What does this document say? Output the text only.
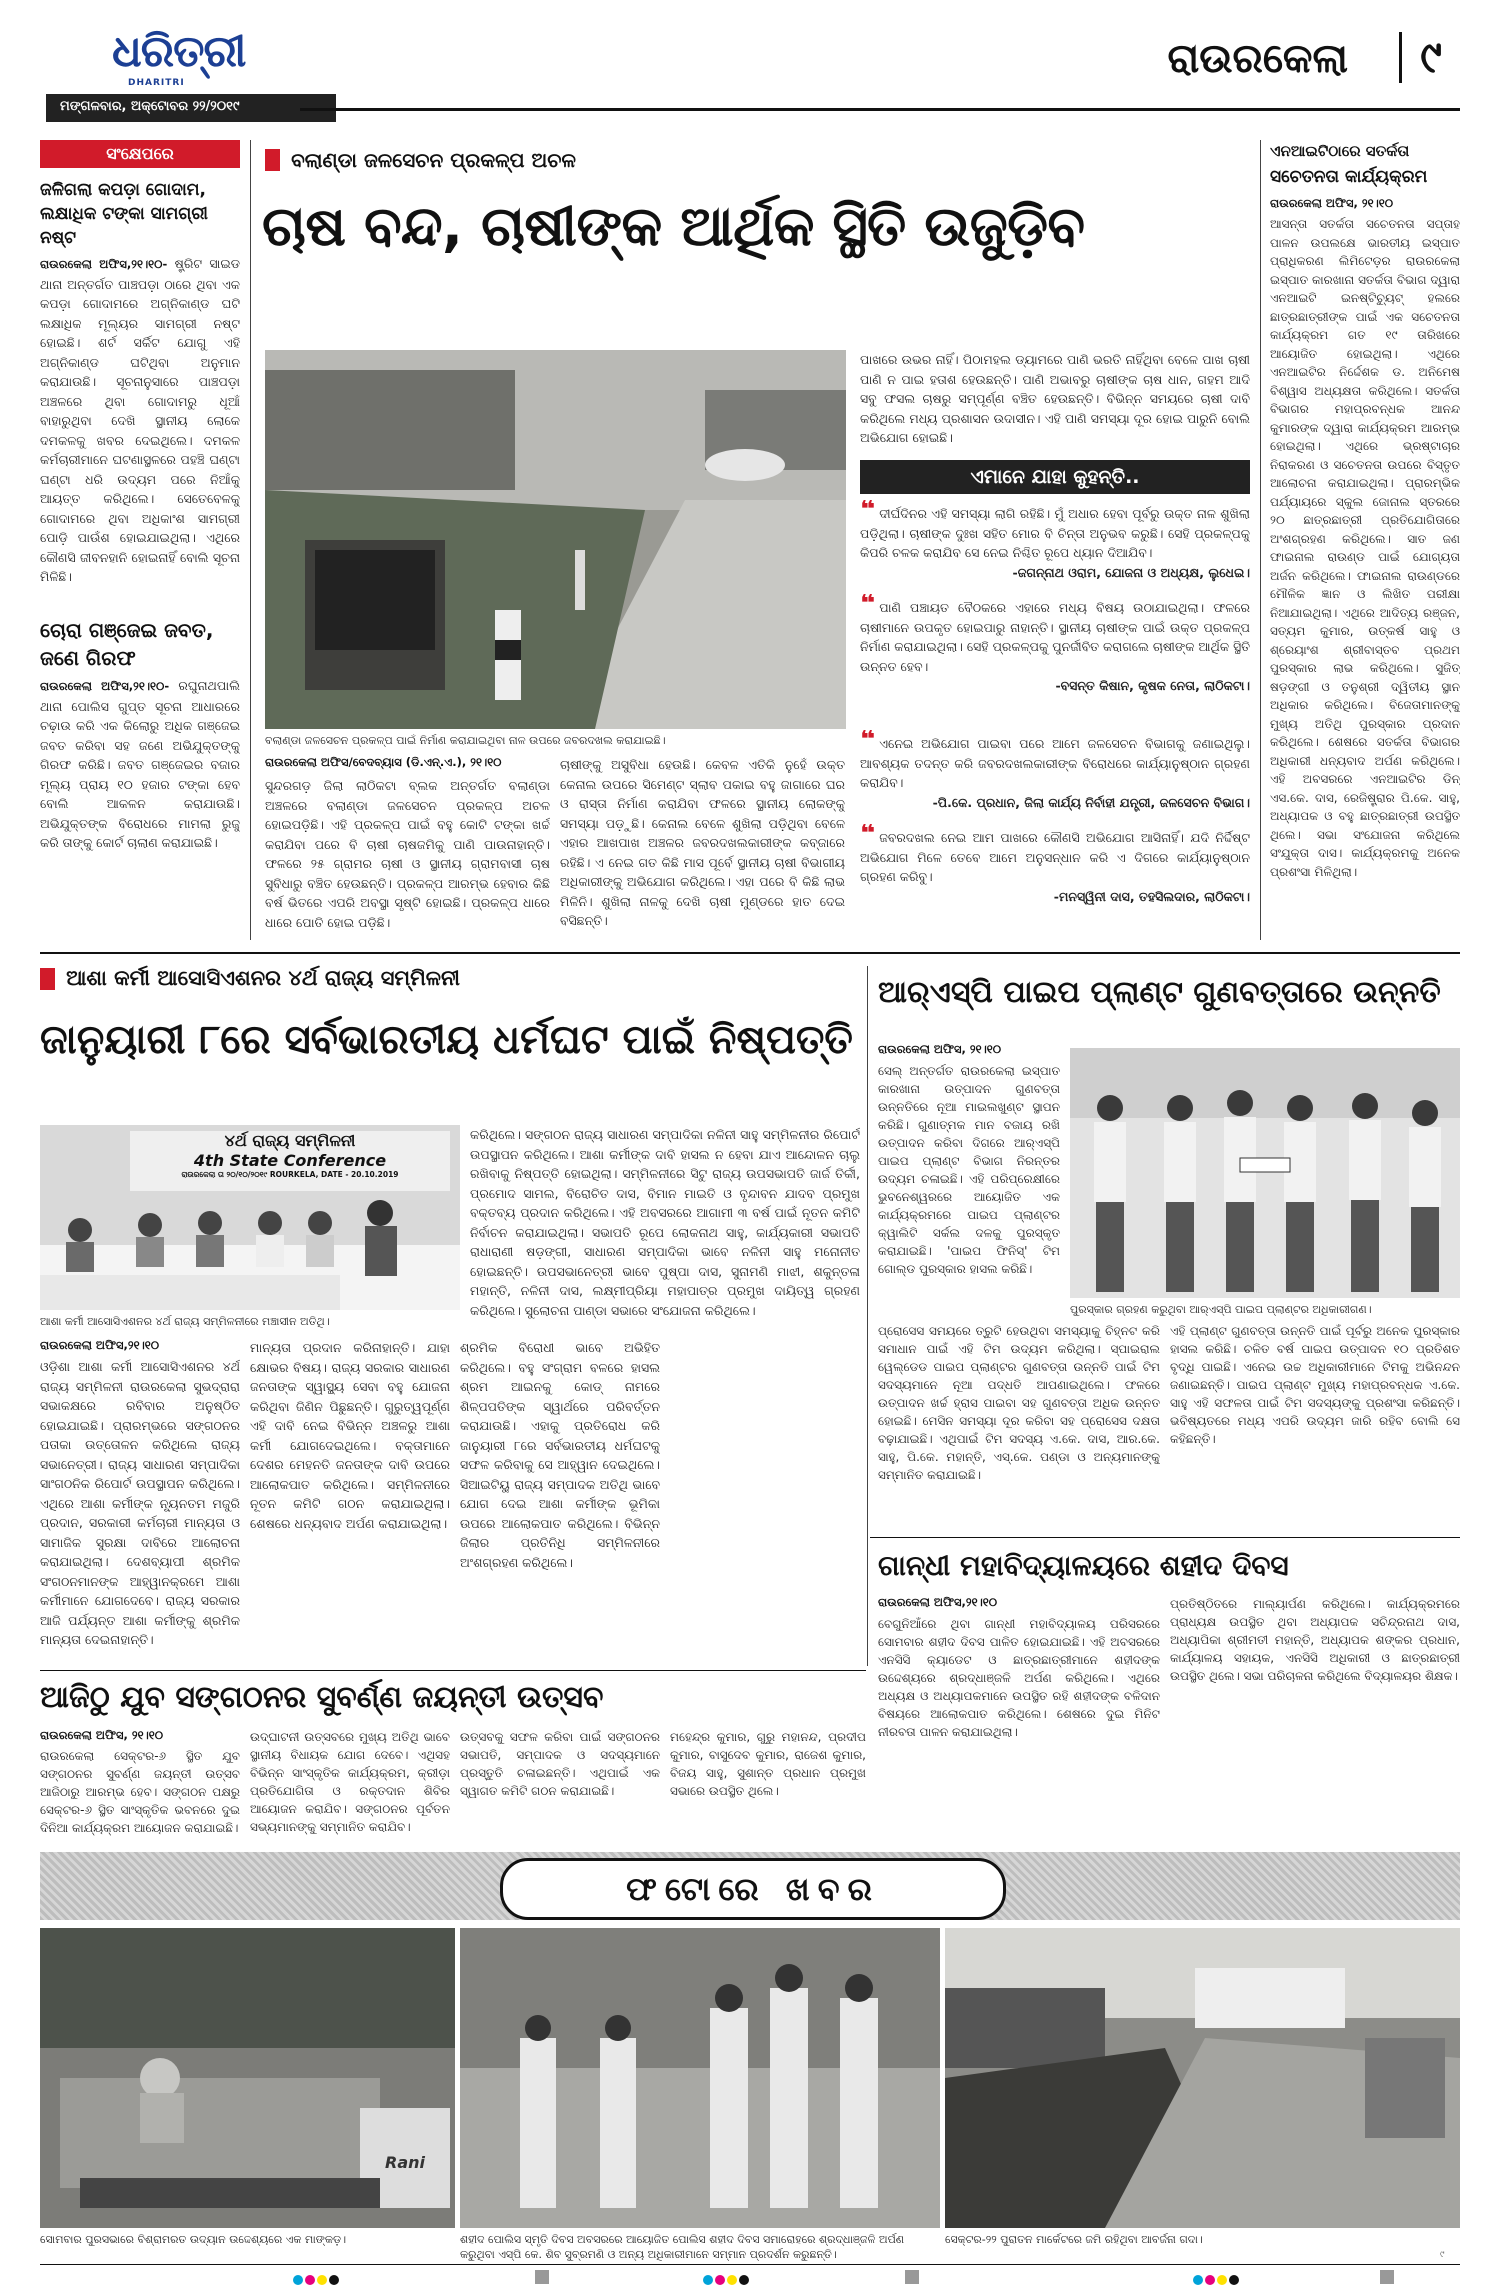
ଧରିତ୍ରୀ
DHARITRI
ମଙ୍ଗଳବାର, ଅକ୍ଟୋବର ୨୨/୨୦୧୯
ରାଉରକେଲା	୯
ସଂକ୍ଷେପରେ
ଜଳିଗଲା କପଡ଼ା ଗୋଦାମ, ଲକ୍ଷାଧିକ ଟଙ୍କା ସାମଗ୍ରୀ ନଷ୍ଟ
ରାଉରକେଲା ଅଫିସ,୨୧।୧୦- ଷ୍ଟ୍ରିଟ ସାଇଡ ଥାନା ଅନ୍ତର୍ଗତ ପାଞ୍ଚପଡ଼ା ଠାରେ ଥିବା ଏକ କପଡ଼ା ଗୋଦାମରେ ଅଗ୍ନିକାଣ୍ଡ ଘଟି ଲକ୍ଷାଧିକ ମୂଲ୍ୟର ସାମଗ୍ରୀ ନଷ୍ଟ ହୋଇଛି। ଶର୍ଟ ସର୍କିଟ ଯୋଗୁ ଏହି ଅଗ୍ନିକାଣ୍ଡ ଘଟିଥିବା ଅନୁମାନ କରାଯାଉଛି। ସୂଚନାନୁସାରେ ପାଞ୍ଚପଡ଼ା ଅଞ୍ଚଳରେ ଥିବା ଗୋଦାମରୁ ଧୂଆଁ ବାହାରୁଥିବା ଦେଖି ସ୍ଥାନୀୟ ଲୋକେ ଦମକଳକୁ ଖବର ଦେଇଥିଲେ। ଦମକଳ କର୍ମଚାରୀମାନେ ଘଟଣାସ୍ଥଳରେ ପହଞ୍ଚି ଘଣ୍ଟା ଘଣ୍ଟା ଧରି ଉଦ୍ୟମ ପରେ ନିଆଁକୁ ଆୟତ୍ତ କରିଥିଲେ। ସେତେବେଳକୁ ଗୋଦାମରେ ଥିବା ଅଧିକାଂଶ ସାମଗ୍ରୀ ପୋଡ଼ି ପାଉଁଶ ହୋଇଯାଇଥିଲା। ଏଥିରେ କୌଣସି ଜୀବନହାନି ହୋଇନାହିଁ ବୋଲି ସୂଚନା ମିଳିଛି।
ଚୋରା ଗଞ୍ଜେଇ ଜବତ, ଜଣେ ଗିରଫ
ରାଉରକେଲା ଅଫିସ,୨୧।୧୦- ରଘୁନାଥପାଲି ଥାନା ପୋଲିସ ଗୁପ୍ତ ସୂଚନା ଆଧାରରେ ଚଢ଼ାଉ କରି ଏକ କିଲୋରୁ ଅଧିକ ଗଞ୍ଜେଇ ଜବତ କରିବା ସହ ଜଣେ ଅଭିଯୁକ୍ତଙ୍କୁ ଗିରଫ କରିଛି। ଜବତ ଗଞ୍ଜେଇର ବଜାର ମୂଲ୍ୟ ପ୍ରାୟ ୧୦ ହଜାର ଟଙ୍କା ହେବ ବୋଲି ଆକଳନ କରାଯାଉଛି। ଅଭିଯୁକ୍ତଙ୍କ ବିରୋଧରେ ମାମଲା ରୁଜୁ କରି ତାଙ୍କୁ କୋର୍ଟ ଚାଲାଣ କରାଯାଇଛି।
ବଲାଣ୍ଡା ଜଳସେଚନ ପ୍ରକଳ୍ପ ଅଚଳ
ଚାଷ ବନ୍ଦ, ଚାଷୀଙ୍କ ଆର୍ଥିକ ସ୍ଥିତି ଉଜୁଡ଼ିବ
ବଲାଣ୍ଡା ଜଳସେଚନ ପ୍ରକଳ୍ପ ପାଇଁ ନିର୍ମାଣ କରାଯାଇଥିବା ନାଳ ଉପରେ ଜବରଦଖଲ କରାଯାଇଛି।
ରାଉରକେଲା ଅଫିସ/ବେଦବ୍ୟାସ (ଡି.ଏନ୍.ଏ.), ୨୧।୧୦
ସୁନ୍ଦରଗଡ଼ ଜିଲା ଲାଠିକଟା ବ୍ଲକ ଅନ୍ତର୍ଗତ ବଲାଣ୍ଡା ଅଞ୍ଚଳରେ ବଲାଣ୍ଡା ଜଳସେଚନ ପ୍ରକଳ୍ପ ଅଚଳ ହୋଇପଡ଼ିଛି। ଏହି ପ୍ରକଳ୍ପ ପାଇଁ ବହୁ କୋଟି ଟଙ୍କା ଖର୍ଚ୍ଚ କରାଯିବା ପରେ ବି ଚାଷୀ ଚାଷଜମିକୁ ପାଣି ପାଉନାହାନ୍ତି। ଫଳରେ ୨୫ ଗ୍ରାମର ଚାଷୀ ଓ ସ୍ଥାନୀୟ ଗ୍ରାମବାସୀ ଚାଷ ସୁବିଧାରୁ ବଞ୍ଚିତ ହେଉଛନ୍ତି। ପ୍ରକଳ୍ପ ଆରମ୍ଭ ହେବାର କିଛି ବର୍ଷ ଭିତରେ ଏପରି ଅବସ୍ଥା ସୃଷ୍ଟି ହୋଇଛି। ପ୍ରକଳ୍ପ ଧାରେ ଧାରେ ପୋତି ହୋଇ ପଡ଼ିଛି।
ଚାଷୀଙ୍କୁ ଅସୁବିଧା ହେଉଛି। କେବଳ ଏତିକି ନୁହେଁ ଉକ୍ତ କେନାଲ ଉପରେ ସିମେଣ୍ଟ ସ୍ଲାବ ପକାଇ ବହୁ ଜାଗାରେ ଘର ଓ ରାସ୍ତା ନିର୍ମାଣ କରାଯିବା ଫଳରେ ସ୍ଥାନୀୟ ଲୋକଙ୍କୁ ସମସ୍ୟା ପଡ଼ୁଛି। କେନାଲ ବେଳେ ଶୁଖିଲା ପଡ଼ିଥିବା ବେଳେ ଏହାର ଆଖପାଖ ଅଞ୍ଚଳର ଜବରଦଖଲକାରୀଙ୍କ କବ୍ଜାରେ ରହିଛି। ଏ ନେଇ ଗତ କିଛି ମାସ ପୂର୍ବେ ସ୍ଥାନୀୟ ଚାଷୀ ବିଭାଗୀୟ ଅଧିକାରୀଙ୍କୁ ଅଭିଯୋଗ କରିଥିଲେ। ଏହା ପରେ ବି କିଛି ଲାଭ ମିଳିନି। ଶୁଖିଲା ନାଳକୁ ଦେଖି ଚାଷୀ ମୁଣ୍ଡରେ ହାତ ଦେଇ ବସିଛନ୍ତି।
ପାଖରେ ଉଭର ନାହିଁ। ପିଠାମହଲ ଡ୍ୟାମରେ ପାଣି ଭରତି ନାହିଁଥିବା ବେଳେ ପାଖ ଚାଷୀ ପାଣି ନ ପାଇ ହତାଶ ହେଉଛନ୍ତି। ପାଣି ଅଭାବରୁ ଚାଷୀଙ୍କ ଚାଷ ଧାନ, ଗହମ ଆଦି ସବୁ ଫସଲ ଚାଷରୁ ସମ୍ପୂର୍ଣ୍ଣ ବଞ୍ଚିତ ହେଉଛନ୍ତି। ବିଭିନ୍ନ ସମୟରେ ଚାଷୀ ଦାବି କରିଥିଲେ ମଧ୍ୟ ପ୍ରଶାସନ ଉଦାସୀନ। ଏହି ପାଣି ସମସ୍ୟା ଦୂର ହୋଇ ପାରୁନି ବୋଲି ଅଭିଯୋଗ ହୋଇଛି।
ଏମାନେ ଯାହା କୁହନ୍ତି..
❝ ଦୀର୍ଘଦିନର ଏହି ସମସ୍ୟା ଲାଗି ରହିଛି। ମୁଁ ଅଧାର ହେବା ପୂର୍ବରୁ ଉକ୍ତ ନାଳ ଶୁଖିଲା ପଡ଼ିଥିଲା। ଚାଷୀଙ୍କ ଦୁଃଖ ସହିତ ମୋର ବି ଚିନ୍ତା ଅନୁଭବ କରୁଛି। ସେହି ପ୍ରକଳ୍ପକୁ କିପରି ଚଳକ କରାଯିବ ସେ ନେଇ ନିଶ୍ଚିତ ରୂପେ ଧ୍ୟାନ ଦିଆଯିବ।
-ଜଗନ୍ନାଥ ଓରାମ, ଯୋଜନା ଓ ଅଧ୍ୟକ୍ଷ, ଲୁଧେଇ।
❝ ପାଣି ପଞ୍ଚାୟତ ବୈଠକରେ ଏହାରେ ମଧ୍ୟ ବିଷୟ ଉଠାଯାଇଥିଲା। ଫଳରେ ଚାଷୀମାନେ ଉପକୃତ ହୋଇପାରୁ ନାହାନ୍ତି। ସ୍ଥାନୀୟ ଚାଷୀଙ୍କ ପାଇଁ ଉକ୍ତ ପ୍ରକଳ୍ପ ନିର୍ମାଣ କରାଯାଇଥିଲା। ସେହି ପ୍ରକଳ୍ପକୁ ପୁନର୍ଜୀବିତ କରାଗଲେ ଚାଷୀଙ୍କ ଆର୍ଥିକ ସ୍ଥିତି ଉନ୍ନତ ହେବ।
-ବସନ୍ତ କିଷାନ, କୃଷକ ନେତା, ଲାଠିକଟା।
❝ ଏନେଇ ଅଭିଯୋଗ ପାଇବା ପରେ ଆମେ ଜଳସେଚନ ବିଭାଗକୁ ଜଣାଇଥିଲୁ। ଆବଶ୍ୟକ ତଦନ୍ତ କରି ଜବରଦଖଲକାରୀଙ୍କ ବିରୋଧରେ କାର୍ଯ୍ୟାନୁଷ୍ଠାନ ଗ୍ରହଣ କରାଯିବ।
-ପି.କେ. ପ୍ରଧାନ, ଜିଲା କାର୍ଯ୍ୟ ନିର୍ବାହୀ ଯନ୍ତ୍ରୀ, ଜଳସେଚନ ବିଭାଗ।
❝ ଜବରଦଖଲ ନେଇ ଆମ ପାଖରେ କୌଣସି ଅଭିଯୋଗ ଆସିନାହିଁ। ଯଦି ନିର୍ଦ୍ଦିଷ୍ଟ ଅଭିଯୋଗ ମିଳେ ତେବେ ଆମେ ଅନୁସନ୍ଧାନ କରି ଏ ଦିଗରେ କାର୍ଯ୍ୟାନୁଷ୍ଠାନ ଗ୍ରହଣ କରିବୁ।
-ମନସ୍ୱିନୀ ଦାସ, ତହସିଲଦାର, ଲାଠିକଟା।
ଏନଆଇଟିଠାରେ ସତର୍କତା
ସଚେତନତା କାର୍ଯ୍ୟକ୍ରମ
ରାଉରକେଲା ଅଫିସ, ୨୧।୧୦
ଆସନ୍ତା ସତର୍କତା ସଚେତନତା ସପ୍ତାହ ପାଳନ ଉପଲକ୍ଷେ ଭାରତୀୟ ଇସ୍ପାତ ପ୍ରାଧିକରଣ ଲିମିଟେଡ଼ର ରାଉରକେଲା ଇସ୍ପାତ କାରଖାନା ସତର୍କତା ବିଭାଗ ଦ୍ୱାରା ଏନଆଇଟି ଇନଷ୍ଟିଚ୍ୟୁଟ୍ ହଲରେ ଛାତ୍ରଛାତ୍ରୀଙ୍କ ପାଇଁ ଏକ ସଚେତନତା କାର୍ଯ୍ୟକ୍ରମ ଗତ ୧୯ ତାରିଖରେ ଆୟୋଜିତ ହୋଇଥିଲା। ଏଥିରେ ଏନଆଇଟିର ନିର୍ଦ୍ଦେଶକ ଡ. ଅନିମେଷ ବିଶ୍ୱାସ ଅଧ୍ୟକ୍ଷତା କରିଥିଲେ। ସତର୍କତା ବିଭାଗର ମହାପ୍ରବନ୍ଧକ ଆନନ୍ଦ କୁମାରଙ୍କ ଦ୍ୱାରା କାର୍ଯ୍ୟକ୍ରମ ଆରମ୍ଭ ହୋଇଥିଲା। ଏଥିରେ ଭ୍ରଷ୍ଟାଚାର ନିରାକରଣ ଓ ସଚେତନତା ଉପରେ ବିସ୍ତୃତ ଆଲୋଚନା କରାଯାଇଥିଲା। ପ୍ରାରମ୍ଭିକ ପର୍ଯ୍ୟାୟରେ ସ୍କୁଲ ଜୋନାଲ ସ୍ତରରେ ୨୦ ଛାତ୍ରଛାତ୍ରୀ ପ୍ରତିଯୋଗିତାରେ ଅଂଶଗ୍ରହଣ କରିଥିଲେ। ସାତ ଜଣ ଫାଇନାଲ ରାଉଣ୍ଡ ପାଇଁ ଯୋଗ୍ୟତା ଅର୍ଜନ କରିଥିଲେ। ଫାଇନାଲ ରାଉଣ୍ଡରେ ମୌଳିକ ଜ୍ଞାନ ଓ ଲିଖିତ ପରୀକ୍ଷା ନିଆଯାଇଥିଲା। ଏଥିରେ ଆଦିତ୍ୟ ରଞ୍ଜନ, ସତ୍ୟମ କୁମାର, ଉତ୍କର୍ଷ ସାହୁ ଓ ଶ୍ରେୟାଂଶ ଶ୍ରୀବାସ୍ତବ ପ୍ରଥମ ପୁରସ୍କାର ଲାଭ କରିଥିଲେ। ସୁଜିତ୍ ଷଡ଼ଙ୍ଗୀ ଓ ତନୁଶ୍ରୀ ଦ୍ୱିତୀୟ ସ୍ଥାନ ଅଧିକାର କରିଥିଲେ। ବିଜେତାମାନଙ୍କୁ ମୁଖ୍ୟ ଅତିଥି ପୁରସ୍କାର ପ୍ରଦାନ କରିଥିଲେ। ଶେଷରେ ସତର୍କତା ବିଭାଗର ଅଧିକାରୀ ଧନ୍ୟବାଦ ଅର୍ପଣ କରିଥିଲେ। ଏହି ଅବସରରେ ଏନଆଇଟିର ଡିନ୍ ଏସ.କେ. ଦାସ, ରେଜିଷ୍ଟ୍ରାର ପି.କେ. ସାହୁ, ଅଧ୍ୟାପକ ଓ ବହୁ ଛାତ୍ରଛାତ୍ରୀ ଉପସ୍ଥିତ ଥିଲେ। ସଭା ସଂଯୋଜନା କରିଥିଲେ ସଂଯୁକ୍ତା ଦାସ। କାର୍ଯ୍ୟକ୍ରମକୁ ଅନେକ ପ୍ରଶଂସା ମିଳିଥିଲା।
ଆଶା କର୍ମୀ ଆସୋସିଏଶନର ୪ର୍ଥ ରାଜ୍ୟ ସମ୍ମିଳନୀ
ଜାନୁୟାରୀ ୮ରେ ସର୍ବଭାରତୀୟ ଧର୍ମଘଟ ପାଇଁ ନିଷ୍ପତ୍ତି
୪ର୍ଥ ରାଜ୍ୟ ସମ୍ମିଳନୀ
4th State Conference
ରାଉରକେଲା ତା ୨୦/୧୦/୨୦୧୯ ROURKELA, DATE - 20.10.2019
ଆଶା କର୍ମୀ ଆସୋସିଏଶନର ୪ର୍ଥ ରାଜ୍ୟ ସମ୍ମିଳନୀରେ ମଞ୍ଚାସୀନ ଅତିଥି।
ରାଉରକେଲା ଅଫିସ,୨୧।୧୦
ଓଡ଼ିଶା ଆଶା କର୍ମୀ ଆସୋସିଏଶନର ୪ର୍ଥ ରାଜ୍ୟ ସମ୍ମିଳନୀ ରାଉରକେଲା ସୁଭଦ୍ରାରା ସଭାକକ୍ଷରେ ରବିବାର ଅନୁଷ୍ଠିତ ହୋଇଯାଇଛି। ପ୍ରାରମ୍ଭରେ ସଙ୍ଗଠନର ପତାକା ଉତ୍ତୋଳନ କରିଥିଲେ ରାଜ୍ୟ ସଭାନେତ୍ରୀ। ରାଜ୍ୟ ସାଧାରଣ ସମ୍ପାଦିକା ସାଂଗଠନିକ ରିପୋର୍ଟ ଉପସ୍ଥାପନ କରିଥିଲେ। ଏଥିରେ ଆଶା କର୍ମୀଙ୍କ ନ୍ୟୂନତମ ମଜୁରି ପ୍ରଦାନ, ସରକାରୀ କର୍ମଚାରୀ ମାନ୍ୟତା ଓ ସାମାଜିକ ସୁରକ୍ଷା ଦାବିରେ ଆଲୋଚନା କରାଯାଇଥିଲା। ଦେଶବ୍ୟାପୀ ଶ୍ରମିକ ସଂଗଠନମାନଙ୍କ ଆହ୍ୱାନକ୍ରମେ ଆଶା କର୍ମୀମାନେ ଯୋଗଦେବେ। ରାଜ୍ୟ ସରକାର ଆଜି ପର୍ଯ୍ୟନ୍ତ ଆଶା କର୍ମୀଙ୍କୁ ଶ୍ରମିକ ମାନ୍ୟତା ଦେଇନାହାନ୍ତି।
ମାନ୍ୟତା ପ୍ରଦାନ କରିନାହାନ୍ତି। ଯାହା କ୍ଷୋଭର ବିଷୟ। ରାଜ୍ୟ ସରକାର ସାଧାରଣ ଜନତାଙ୍କ ସ୍ୱାସ୍ଥ୍ୟ ସେବା ବହୁ ଯୋଜନା କରିଥିବା ଜିଣିନ ପିଛୁଛନ୍ତି। ଗୁରୁତ୍ୱପୂର୍ଣ୍ଣ ଏହି ଦାବି ନେଇ ବିଭିନ୍ନ ଅଞ୍ଚଳରୁ ଆଶା କର୍ମୀ ଯୋଗଦେଇଥିଲେ। ବକ୍ତାମାନେ ଦେଶର ମେହନତି ଜନତାଙ୍କ ଦାବି ଉପରେ ଆଲୋକପାତ କରିଥିଲେ। ସମ୍ମିଳନୀରେ ନୂତନ କମିଟି ଗଠନ କରାଯାଇଥିଲା। ଶେଷରେ ଧନ୍ୟବାଦ ଅର୍ପଣ କରାଯାଇଥିଲା।
ଶ୍ରମିକ ବିରୋଧୀ ଭାବେ ଅଭିହିତ କରିଥିଲେ। ବହୁ ସଂଗ୍ରାମ ବଳରେ ହାସଲ ଶ୍ରମ ଆଇନକୁ କୋଡ୍ ନାମରେ ଶିଳ୍ପପତିଙ୍କ ସ୍ୱାର୍ଥରେ ପରିବର୍ତ୍ତନ କରାଯାଉଛି। ଏହାକୁ ପ୍ରତିରୋଧ କରି ଜାନୁୟାରୀ ୮ରେ ସର୍ବଭାରତୀୟ ଧର୍ମଘଟକୁ ସଫଳ କରିବାକୁ ସେ ଆହ୍ୱାନ ଦେଇଥିଲେ। ସିଆଇଟିୟୁ ରାଜ୍ୟ ସମ୍ପାଦକ ଅତିଥି ଭାବେ ଯୋଗ ଦେଇ ଆଶା କର୍ମୀଙ୍କ ଭୂମିକା ଉପରେ ଆଲୋକପାତ କରିଥିଲେ। ବିଭିନ୍ନ ଜିଲାର ପ୍ରତିନିଧି ସମ୍ମିଳନୀରେ ଅଂଶଗ୍ରହଣ କରିଥିଲେ।
କରିଥିଲେ। ସଙ୍ଗଠନ ରାଜ୍ୟ ସାଧାରଣ ସମ୍ପାଦିକା ନଳିନୀ ସାହୁ ସମ୍ମିଳନୀର ରିପୋର୍ଟ ଉପସ୍ଥାପନ କରିଥିଲେ। ଆଶା କର୍ମୀଙ୍କ ଦାବି ହାସଲ ନ ହେବା ଯାଏ ଆନ୍ଦୋଳନ ଚାଲୁ ରଖିବାକୁ ନିଷ୍ପତ୍ତି ହୋଇଥିଲା। ସମ୍ମିଳନୀରେ ସିଟୁ ରାଜ୍ୟ ଉପସଭାପତି ଜାର୍ଜ ତିର୍କୀ, ପ୍ରମୋଦ ସାମଲ, ବିରୋଚିତ ଦାସ, ବିମାନ ମାଇତି ଓ ବୃନ୍ଦାବନ ଯାଦବ ପ୍ରମୁଖ ବକ୍ତବ୍ୟ ପ୍ରଦାନ କରିଥିଲେ। ଏହି ଅବସରରେ ଆଗାମୀ ୩ ବର୍ଷ ପାଇଁ ନୂତନ କମିଟି ନିର୍ବାଚନ କରାଯାଇଥିଲା। ସଭାପତି ରୂପେ ଲୋକନାଥ ସାହୁ, କାର୍ଯ୍ୟକାରୀ ସଭାପତି ରାଧାରାଣୀ ଷଡ଼ଙ୍ଗୀ, ସାଧାରଣ ସମ୍ପାଦିକା ଭାବେ ନଳିନୀ ସାହୁ ମନୋନୀତ ହୋଇଛନ୍ତି। ଉପସଭାନେତ୍ରୀ ଭାବେ ପୁଷ୍ପା ଦାସ, ସୁନାମଣି ମାଝୀ, ଶକୁନ୍ତଳା ମହାନ୍ତି, ନଳିନୀ ଦାସ, ଲକ୍ଷ୍ମୀପ୍ରିୟା ମହାପାତ୍ର ପ୍ରମୁଖ ଦାୟିତ୍ୱ ଗ୍ରହଣ କରିଥିଲେ। ସୁଲୋଚନା ପାଣ୍ଡା ସଭାରେ ସଂଯୋଜନା କରିଥିଲେ।
ଆର୍‌ଏସ୍‌ପି ପାଇପ ପ୍ଲାଣ୍ଟ ଗୁଣବତ୍ତାରେ ଉନ୍ନତି
ରାଉରକେଲା ଅଫିସ, ୨୧।୧୦
ସେଲ୍ ଅନ୍ତର୍ଗତ ରାଉରକେଲା ଇସ୍ପାତ କାରଖାନା ଉତ୍ପାଦନ ଗୁଣବତ୍ତା ଉନ୍ନତିରେ ନୂଆ ମାଇଲଖୁଣ୍ଟ ସ୍ଥାପନ କରିଛି। ଗୁଣାତ୍ମକ ମାନ ବଜାୟ ରଖି ଉତ୍ପାଦନ କରିବା ଦିଗରେ ଆର୍‌ଏସ୍‌ପି ପାଇପ ପ୍ଲାଣ୍ଟ ବିଭାଗ ନିରନ୍ତର ଉଦ୍ୟମ ଚଳାଇଛି। ଏହି ପରିପ୍ରେକ୍ଷୀରେ ଭୁବନେଶ୍ୱରରେ ଆୟୋଜିତ ଏକ କାର୍ଯ୍ୟକ୍ରମରେ ପାଇପ ପ୍ଲାଣ୍ଟର କ୍ୱାଲିଟି ସର୍କଲ ଦଳକୁ ପୁରସ୍କୃତ କରାଯାଇଛି। 'ପାଇପ ଫିନିସ୍' ଟିମ ଗୋଲ୍ଡ ପୁରସ୍କାର ହାସଲ କରିଛି।
ପୁରସ୍କାର ଗ୍ରହଣ କରୁଥିବା ଆର୍‌ଏସ୍‌ପି ପାଇପ ପ୍ଲାଣ୍ଟର ଅଧିକାରୀଗଣ।
ପ୍ରୋସେସ ସମୟରେ ତ୍ରୁଟି ହେଉଥିବା ସମସ୍ୟାକୁ ଚିହ୍ନଟ କରି ସମାଧାନ ପାଇଁ ଏହି ଟିମ ଉଦ୍ୟମ କରିଥିଲା। ସ୍ପାଇରାଲ ୱେଲ୍ଡେଡ ପାଇପ ପ୍ଲାଣ୍ଟର ଗୁଣବତ୍ତା ଉନ୍ନତି ପାଇଁ ଟିମ ସଦସ୍ୟମାନେ ନୂଆ ପଦ୍ଧତି ଆପଣାଇଥିଲେ। ଫଳରେ ଉତ୍ପାଦନ ଖର୍ଚ୍ଚ ହ୍ରାସ ପାଇବା ସହ ଗୁଣବତ୍ତା ଅଧିକ ଉନ୍ନତ ହୋଇଛି। ମେସିନ ସମସ୍ୟା ଦୂର କରିବା ସହ ପ୍ରୋସେସ ଦକ୍ଷତା ବଢ଼ାଯାଇଛି। ଏଥିପାଇଁ ଟିମ ସଦସ୍ୟ ଏ.କେ. ଦାସ, ଆର.କେ. ସାହୁ, ପି.କେ. ମହାନ୍ତି, ଏସ୍.କେ. ପଣ୍ଡା ଓ ଅନ୍ୟମାନଙ୍କୁ ସମ୍ମାନିତ କରାଯାଇଛି।
ଏହି ପ୍ଲାଣ୍ଟ ଗୁଣବତ୍ତା ଉନ୍ନତି ପାଇଁ ପୂର୍ବରୁ ଅନେକ ପୁରସ୍କାର ହାସଲ କରିଛି। ଚଳିତ ବର୍ଷ ପାଇପ ଉତ୍ପାଦନ ୧୦ ପ୍ରତିଶତ ବୃଦ୍ଧି ପାଇଛି। ଏନେଇ ଉଚ୍ଚ ଅଧିକାରୀମାନେ ଟିମକୁ ଅଭିନନ୍ଦନ ଜଣାଇଛନ୍ତି। ପାଇପ ପ୍ଲାଣ୍ଟ ମୁଖ୍ୟ ମହାପ୍ରବନ୍ଧକ ଏ.କେ. ସାହୁ ଏହି ସଫଳତା ପାଇଁ ଟିମ ସଦସ୍ୟଙ୍କୁ ପ୍ରଶଂସା କରିଛନ୍ତି। ଭବିଷ୍ୟତରେ ମଧ୍ୟ ଏପରି ଉଦ୍ୟମ ଜାରି ରହିବ ବୋଲି ସେ କହିଛନ୍ତି।
ଗାନ୍ଧୀ ମହାବିଦ୍ୟାଳୟରେ ଶହୀଦ ଦିବସ
ରାଉରକେଲା ଅଫିସ,୨୧।୧୦
ବେଗୁନିଆଁରେ ଥିବା ଗାନ୍ଧୀ ମହାବିଦ୍ୟାଳୟ ପରିସରରେ ସୋମବାର ଶହୀଦ ଦିବସ ପାଳିତ ହୋଇଯାଇଛି। ଏହି ଅବସରରେ ଏନସିସି କ୍ୟାଡେଟ ଓ ଛାତ୍ରଛାତ୍ରୀମାନେ ଶହୀଦଙ୍କ ଉଦ୍ଦେଶ୍ୟରେ ଶ୍ରଦ୍ଧାଞ୍ଜଳି ଅର୍ପଣ କରିଥିଲେ। ଏଥିରେ ଅଧ୍ୟକ୍ଷ ଓ ଅଧ୍ୟାପକମାନେ ଉପସ୍ଥିତ ରହି ଶହୀଦଙ୍କ ବଳିଦାନ ବିଷୟରେ ଆଲୋକପାତ କରିଥିଲେ। ଶେଷରେ ଦୁଇ ମିନିଟ ନୀରବତା ପାଳନ କରାଯାଇଥିଲା।
ପ୍ରତିଷ୍ଠିତରେ ମାଲ୍ୟାର୍ପଣ କରିଥିଲେ। କାର୍ଯ୍ୟକ୍ରମରେ ପ୍ରାଧ୍ୟକ୍ଷ ଉପସ୍ଥିତ ଥିବା ଅଧ୍ୟାପକ ସଚିନ୍ଦ୍ରନାଥ ଦାସ, ଅଧ୍ୟାପିକା ଶ୍ରୀମତୀ ମହାନ୍ତି, ଅଧ୍ୟାପକ ଶଙ୍କର ପ୍ରଧାନ, କାର୍ଯ୍ୟାଳୟ ସହାୟକ, ଏନସିସି ଅଧିକାରୀ ଓ ଛାତ୍ରଛାତ୍ରୀ ଉପସ୍ଥିତ ଥିଲେ। ସଭା ପରିଚାଳନା କରିଥିଲେ ବିଦ୍ୟାଳୟର ଶିକ୍ଷକ।
ଆଜିଠୁ ଯୁବ ସଙ୍ଗଠନର ସୁବର୍ଣ୍ଣ ଜୟନ୍ତୀ ଉତ୍ସବ
ରାଉରକେଲା ଅଫିସ, ୨୧।୧୦
ରାଉରକେଲା ସେକ୍ଟର-୬ ସ୍ଥିତ ଯୁବ ସଙ୍ଗଠନର ସୁବର୍ଣ୍ଣ ଜୟନ୍ତୀ ଉତ୍ସବ ଆଜିଠାରୁ ଆରମ୍ଭ ହେବ। ସଙ୍ଗଠନ ପକ୍ଷରୁ ସେକ୍ଟର-୬ ସ୍ଥିତ ସାଂସ୍କୃତିକ ଭବନରେ ଦୁଇ ଦିନିଆ କାର୍ଯ୍ୟକ୍ରମ ଆୟୋଜନ କରାଯାଇଛି।
ଉଦ୍‌ଘାଟନୀ ଉତ୍ସବରେ ମୁଖ୍ୟ ଅତିଥି ଭାବେ ସ୍ଥାନୀୟ ବିଧାୟକ ଯୋଗ ଦେବେ। ଏଥିସହ ବିଭିନ୍ନ ସାଂସ୍କୃତିକ କାର୍ଯ୍ୟକ୍ରମ, କ୍ରୀଡ଼ା ପ୍ରତିଯୋଗିତା ଓ ରକ୍ତଦାନ ଶିବିର ଆୟୋଜନ କରାଯିବ। ସଙ୍ଗଠନର ପୂର୍ବତନ ସଭ୍ୟମାନଙ୍କୁ ସମ୍ମାନିତ କରାଯିବ।
ଉତ୍ସବକୁ ସଫଳ କରିବା ପାଇଁ ସଙ୍ଗଠନର ସଭାପତି, ସମ୍ପାଦକ ଓ ସଦସ୍ୟମାନେ ପ୍ରସ୍ତୁତି ଚଳାଇଛନ୍ତି। ଏଥିପାଇଁ ଏକ ସ୍ୱାଗତ କମିଟି ଗଠନ କରାଯାଇଛି।
ମହେନ୍ଦ୍ର କୁମାର, ଗୁରୁ ମହାନନ୍ଦ, ପ୍ରଦୀପ କୁମାର, ବାସୁଦେବ କୁମାର, ରାଜେଶ କୁମାର, ବିଜୟ ସାହୁ, ସୁଶାନ୍ତ ପ୍ରଧାନ ପ୍ରମୁଖ ସଭାରେ ଉପସ୍ଥିତ ଥିଲେ।
ଫଟୋରେ ଖବର
Rani
ସୋମବାର ପୁରସଭାରେ ବିଶ୍ରାମରତ ଉଦ୍ୟାନ ଉଦ୍ଦେଶ୍ୟରେ ଏକ ମାଙ୍କଡ଼।	ଶହୀଦ ପୋଲିସ ସ୍ମୃତି ଦିବସ ଅବସରରେ ଆୟୋଜିତ ପୋଲିସ ଶହୀଦ ଦିବସ ସମାରୋହରେ ଶ୍ରଦ୍ଧାଞ୍ଜଳି ଅର୍ପଣ କରୁଥିବା ଏସ୍‌ପି କେ. ଶିବ ସୁବ୍ରମଣି ଓ ଅନ୍ୟ ଅଧିକାରୀମାନେ ସମ୍ମାନ ପ୍ରଦର୍ଶନ କରୁଛନ୍ତି।
ସେକ୍ଟର-୨୨ ପୁରାତନ ମାର୍କେଟରେ ଜମି ରହିଥିବା ଆବର୍ଜନା ଗଦା।
୯
